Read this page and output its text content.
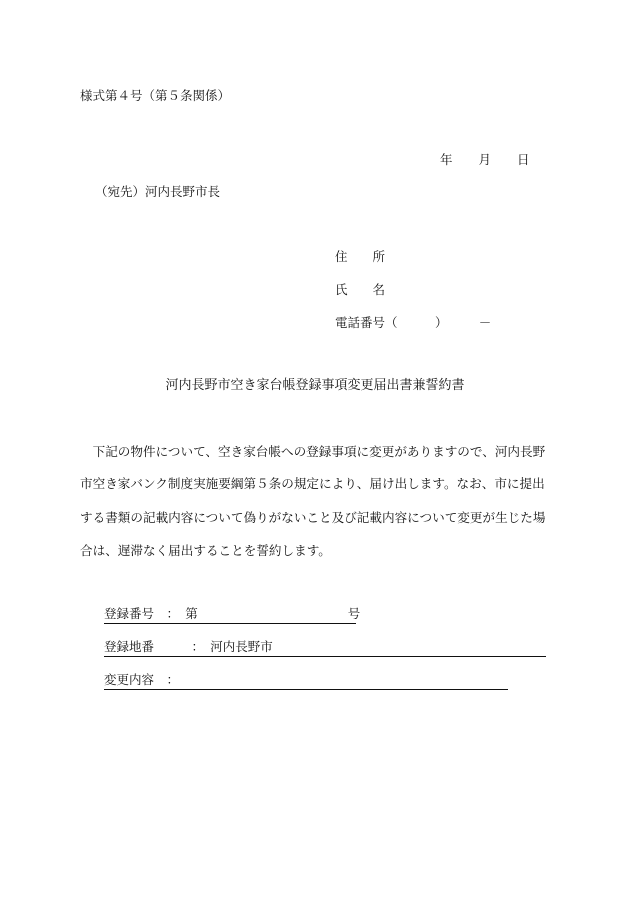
様式第４号（第５条関係）
年 月 日
（宛先）河内長野市長
住　　所
氏　　名
電話番号（　　　）　　　－
河内長野市空き家台帳登録事項変更届出書兼誓約書
　下記の物件について、空き家台帳への登録事項に変更がありますので、河内長野
市空き家バンク制度実施要綱第５条の規定により、届け出します。なお、市に提出
する書類の記載内容について偽りがないこと及び記載内容について変更が生じた場
合は、遅滞なく届出することを誓約します。
登録番号　：　第　　　　　　　　　　　　号
登録地番　　　：　河内長野市
変更内容　：
